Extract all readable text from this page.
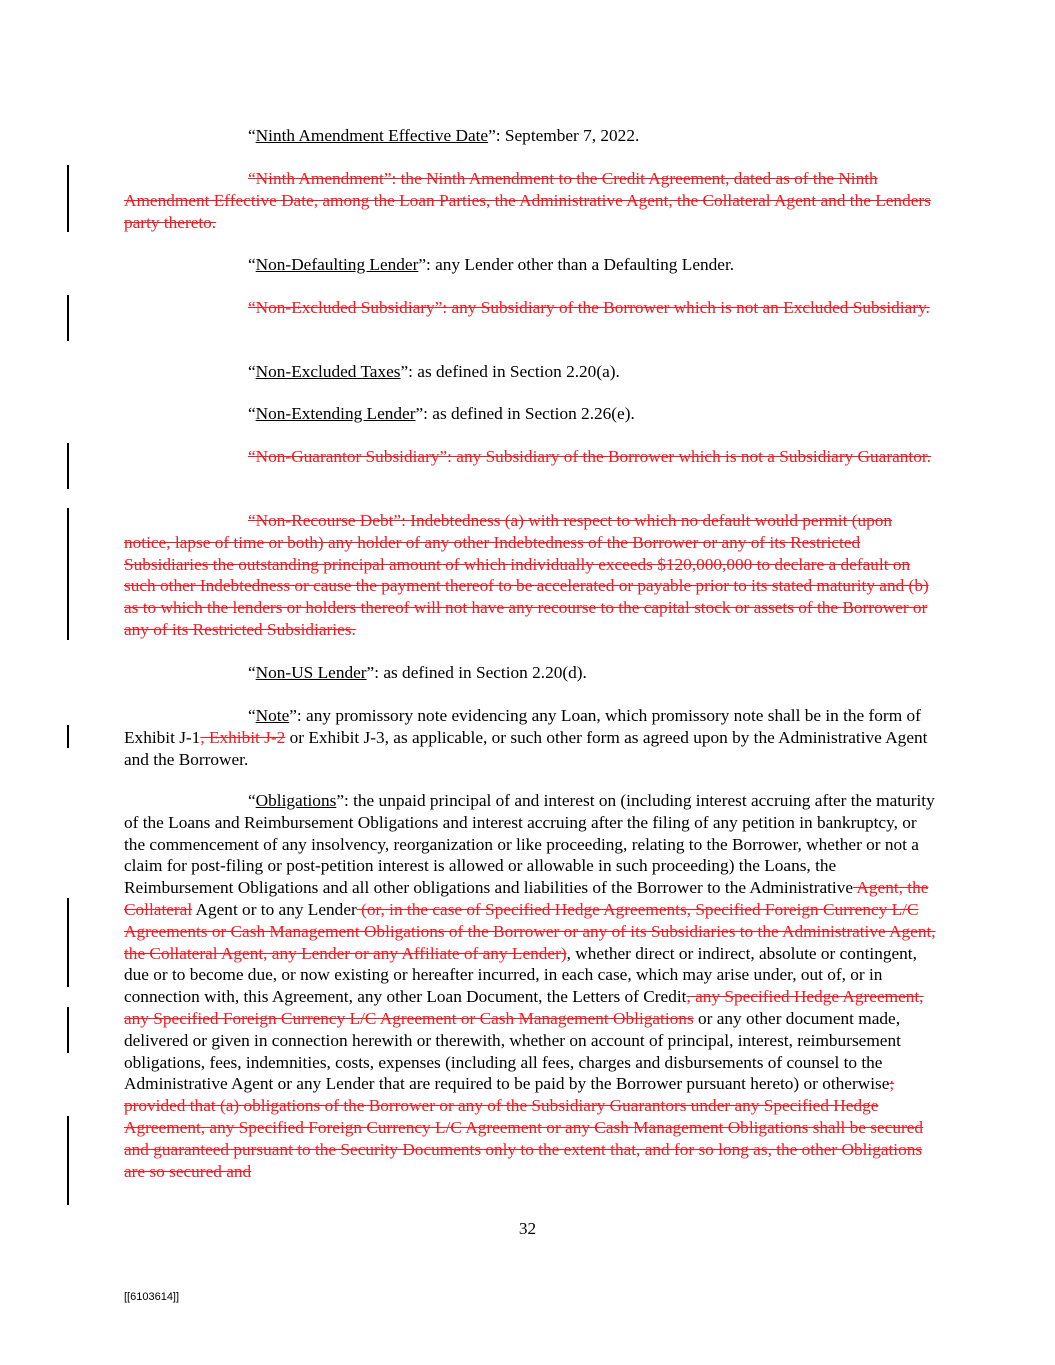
“Ninth Amendment Effective Date”: September 7, 2022.

“Ninth Amendment”: the Ninth Amendment to the Credit Agreement, dated as of the Ninth Amendment Effective Date, among the Loan Parties, the Administrative Agent, the Collateral Agent and the Lenders party thereto.

“Non-Defaulting Lender”: any Lender other than a Defaulting Lender.

“Non-Excluded Subsidiary”: any Subsidiary of the Borrower which is not an Excluded Subsidiary.

“Non-Excluded Taxes”: as defined in Section 2.20(a).

“Non-Extending Lender”: as defined in Section 2.26(e).

“Non-Guarantor Subsidiary”: any Subsidiary of the Borrower which is not a Subsidiary Guarantor.

“Non-Recourse Debt”: Indebtedness (a) with respect to which no default would permit (upon notice, lapse of time or both) any holder of any other Indebtedness of the Borrower or any of its Restricted Subsidiaries the outstanding principal amount of which individually exceeds $120,000,000 to declare a default on such other Indebtedness or cause the payment thereof to be accelerated or payable prior to its stated maturity and (b) as to which the lenders or holders thereof will not have any recourse to the capital stock or assets of the Borrower or any of its Restricted Subsidiaries.

“Non-US Lender”: as defined in Section 2.20(d).

“Note”: any promissory note evidencing any Loan, which promissory note shall be in the form of Exhibit J-1, Exhibit J-2 or Exhibit J-3, as applicable, or such other form as agreed upon by the Administrative Agent and the Borrower.

“Obligations”: the unpaid principal of and interest on (including interest accruing after the maturity of the Loans and Reimbursement Obligations and interest accruing after the filing of any petition in bankruptcy, or the commencement of any insolvency, reorganization or like proceeding, relating to the Borrower, whether or not a claim for post-filing or post-petition interest is allowed or allowable in such proceeding) the Loans, the Reimbursement Obligations and all other obligations and liabilities of the Borrower to the Administrative Agent, the Collateral Agent or to any Lender (or, in the case of Specified Hedge Agreements, Specified Foreign Currency L/C Agreements or Cash Management Obligations of the Borrower or any of its Subsidiaries to the Administrative Agent, the Collateral Agent, any Lender or any Affiliate of any Lender), whether direct or indirect, absolute or contingent, due or to become due, or now existing or hereafter incurred, in each case, which may arise under, out of, or in connection with, this Agreement, any other Loan Document, the Letters of Credit, any Specified Hedge Agreement, any Specified Foreign Currency L/C Agreement or Cash Management Obligations or any other document made, delivered or given in connection herewith or therewith, whether on account of principal, interest, reimbursement obligations, fees, indemnities, costs, expenses (including all fees, charges and disbursements of counsel to the Administrative Agent or any Lender that are required to be paid by the Borrower pursuant hereto) or otherwise; provided that (a) obligations of the Borrower or any of the Subsidiary Guarantors under any Specified Hedge Agreement, any Specified Foreign Currency L/C Agreement or any Cash Management Obligations shall be secured and guaranteed pursuant to the Security Documents only to the extent that, and for so long as, the other Obligations are so secured and

32
[[6103614]]
